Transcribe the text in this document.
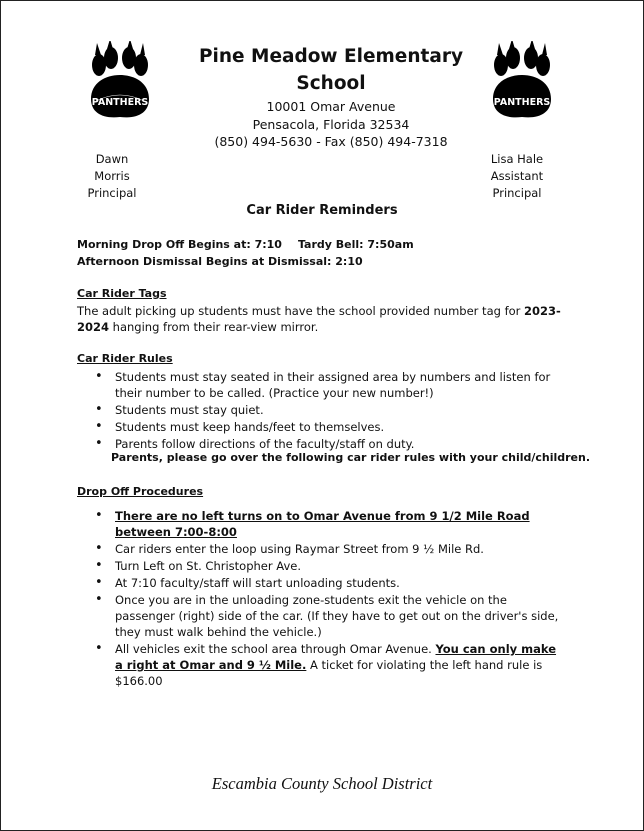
PANTHERS	PANTHERS
Pine Meadow Elementary
School
10001 Omar Avenue
Pensacola, Florida 32534
(850) 494-5630 - Fax (850) 494-7318
Dawn Morris
Principal
Lisa Hale
Assistant Principal
Car Rider Reminders
Morning Drop Off Begins at: 7:10 Tardy Bell: 7:50am
Afternoon Dismissal Begins at Dismissal: 2:10
Car Rider Tags
The adult picking up students must have the school provided number tag for 2023-2024 hanging from their rear-view mirror.
Car Rider Rules
• Students must stay seated in their assigned area by numbers and listen for their number to be called. (Practice your new number!)
• Students must stay quiet.
• Students must keep hands/feet to themselves.
• Parents follow directions of the faculty/staff on duty.
Parents, please go over the following car rider rules with your child/children.
Drop Off Procedures
• There are no left turns on to Omar Avenue from 9 1/2 Mile Road between 7:00-8:00
• Car riders enter the loop using Raymar Street from 9 ½ Mile Rd.
• Turn Left on St. Christopher Ave.
• At 7:10 faculty/staff will start unloading students.
• Once you are in the unloading zone-students exit the vehicle on the passenger (right) side of the car. (If they have to get out on the driver's side, they must walk behind the vehicle.)
• All vehicles exit the school area through Omar Avenue. You can only make a right at Omar and 9 ½ Mile. A ticket for violating the left hand rule is $166.00
Escambia County School District
